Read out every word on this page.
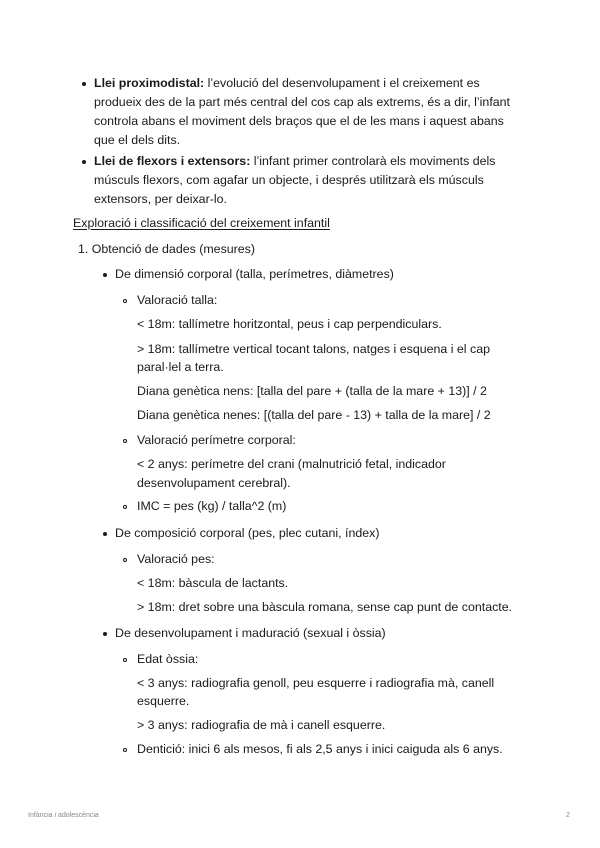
Llei proximodistal: l’evolució del desenvolupament i el creixement es
produeix des de la part més central del cos cap als extrems, és a dir, l’infant
controla abans el moviment dels braços que el de les mans i aquest abans
que el dels dits.
Llei de flexors i extensors: l’infant primer controlarà els moviments dels
músculs flexors, com agafar un objecte, i després utilitzarà els músculs
extensors, per deixar-lo.
Exploració i classificació del creixement infantil
1. Obtenció de dades (mesures)
De dimensió corporal (talla, perímetres, diàmetres)
Valoració talla:
< 18m: tallímetre horitzontal, peus i cap perpendiculars.
> 18m: tallímetre vertical tocant talons, natges i esquena i el cap
paral·lel a terra.
Diana genètica nens: [talla del pare + (talla de la mare + 13)] / 2
Diana genètica nenes: [(talla del pare - 13) + talla de la mare] / 2
Valoració perímetre corporal:
< 2 anys: perímetre del crani (malnutrició fetal, indicador
desenvolupament cerebral).
IMC = pes (kg) / talla^2 (m)
De composició corporal (pes, plec cutani, índex)
Valoració pes:
< 18m: bàscula de lactants.
> 18m: dret sobre una bàscula romana, sense cap punt de contacte.
De desenvolupament i maduració (sexual i òssia)
Edat òssia:
< 3 anys: radiografia genoll, peu esquerre i radiografia mà, canell
esquerre.
> 3 anys: radiografia de mà i canell esquerre.
Dentició: inici 6 als mesos, fi als 2,5 anys i inici caiguda als 6 anys.
Infància i adolescència	2
